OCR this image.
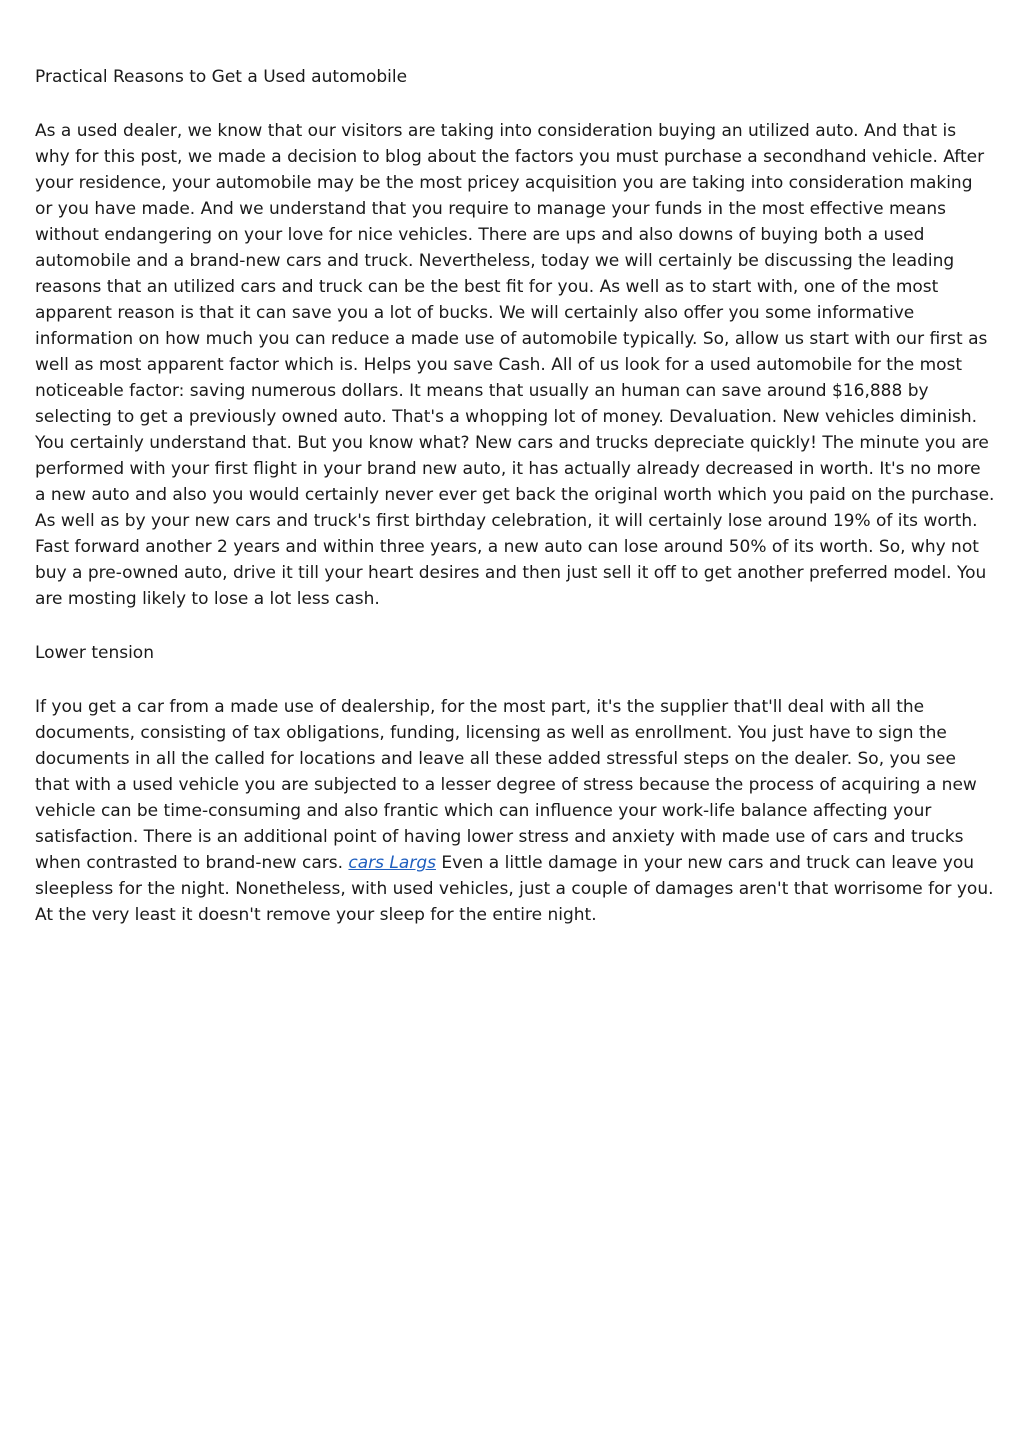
Practical Reasons to Get a Used automobile

As a used dealer, we know that our visitors are taking into consideration buying an utilized auto. And that is why for this post, we made a decision to blog about the factors you must purchase a secondhand vehicle. After your residence, your automobile may be the most pricey acquisition you are taking into consideration making or you have made. And we understand that you require to manage your funds in the most effective means without endangering on your love for nice vehicles. There are ups and also downs of buying both a used automobile and a brand-new cars and truck. Nevertheless, today we will certainly be discussing the leading reasons that an utilized cars and truck can be the best fit for you. As well as to start with, one of the most apparent reason is that it can save you a lot of bucks. We will certainly also offer you some informative information on how much you can reduce a made use of automobile typically. So, allow us start with our first as well as most apparent factor which is. Helps you save Cash. All of us look for a used automobile for the most noticeable factor: saving numerous dollars. It means that usually an human can save around $16,888 by selecting to get a previously owned auto. That's a whopping lot of money. Devaluation. New vehicles diminish. You certainly understand that. But you know what? New cars and trucks depreciate quickly! The minute you are performed with your first flight in your brand new auto, it has actually already decreased in worth. It's no more a new auto and also you would certainly never ever get back the original worth which you paid on the purchase. As well as by your new cars and truck's first birthday celebration, it will certainly lose around 19% of its worth. Fast forward another 2 years and within three years, a new auto can lose around 50% of its worth. So, why not buy a pre-owned auto, drive it till your heart desires and then just sell it off to get another preferred model. You are mosting likely to lose a lot less cash.

Lower tension

If you get a car from a made use of dealership, for the most part, it's the supplier that'll deal with all the documents, consisting of tax obligations, funding, licensing as well as enrollment. You just have to sign the documents in all the called for locations and leave all these added stressful steps on the dealer. So, you see that with a used vehicle you are subjected to a lesser degree of stress because the process of acquiring a new vehicle can be time-consuming and also frantic which can influence your work-life balance affecting your satisfaction. There is an additional point of having lower stress and anxiety with made use of cars and trucks when contrasted to brand-new cars. cars Largs Even a little damage in your new cars and truck can leave you sleepless for the night. Nonetheless, with used vehicles, just a couple of damages aren't that worrisome for you. At the very least it doesn't remove your sleep for the entire night.
